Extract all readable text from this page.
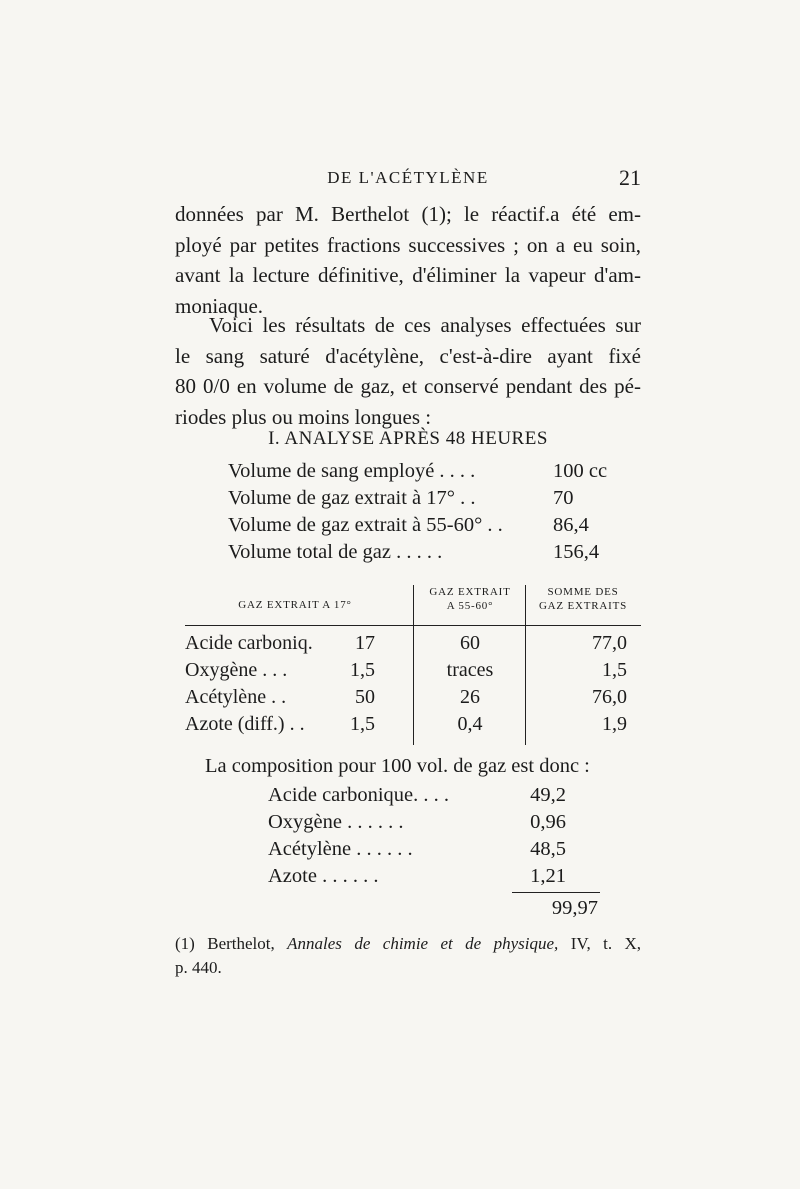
DE L'ACÉTYLÈNE	21
données par M. Berthelot (1); le réactif.a été em-
ployé par petites fractions successives ; on a eu soin,
avant la lecture définitive, d'éliminer la vapeur d'am-
moniaque.
Voici les résultats de ces analyses effectuées sur
le sang saturé d'acétylène, c'est-à-dire ayant fixé
80 0/0 en volume de gaz, et conservé pendant des pé-
riodes plus ou moins longues :
I. ANALYSE APRÈS 48 HEURES
Volume de sang employé . . . .	100 cc
Volume de gaz extrait à 17° . .	70
Volume de gaz extrait à 55-60° . . 86,4
Volume total de gaz . . . . .	156,4
GAZ EXTRAIT A 17°
GAZ EXTRAIT
A 55-60°
SOMME DES
GAZ EXTRAITS
Acide carboniq.	17	60	77,0
Oxygène . . .	1,5	traces	1,5
Acétylène . .	50	26	76,0
Azote (diff.) . .	1,5	0,4	1,9
La composition pour 100 vol. de gaz est donc :
Acide carbonique. . . .	49,2
Oxygène . . . . . .	0,96
Acétylène . . . . . .	48,5
Azote . . . . . .	1,21
99,97
(1) Berthelot, Annales de chimie et de physique, IV, t. X,
p. 440.
